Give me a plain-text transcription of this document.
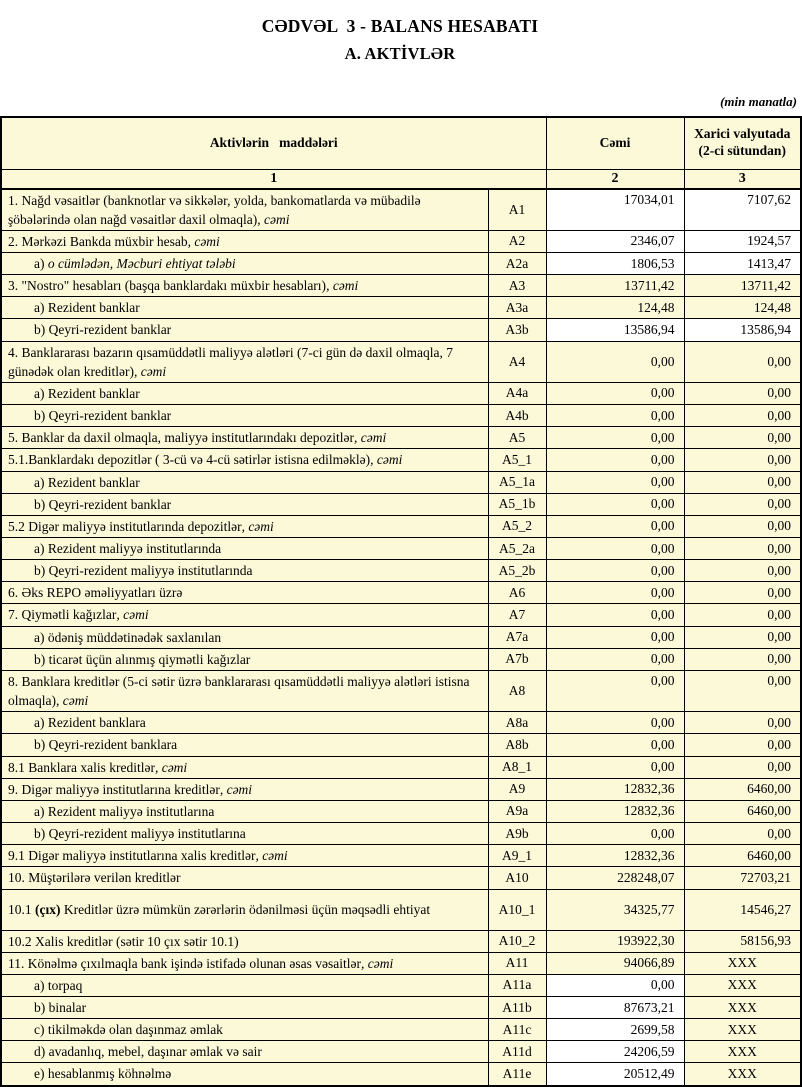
CƏDVƏL  3 - BALANS HESABATI
A. AKTİVLƏR
(min manatla)
Aktivlərin   maddələri		Cəmi	Xarici valyutada (2-ci sütundan)
1		2	3
1. Nağd vəsaitlər (banknotlar və sikkələr, yolda, bankomatlarda və mübadilə şöbələrində olan nağd vəsaitlər daxil olmaqla), cəmi	A1	17034,01	7107,62
2. Mərkəzi Bankda müxbir hesab, cəmi	A2	2346,07	1924,57
a) o cümlədən, Məcburi ehtiyat tələbi	A2a	1806,53	1413,47
3. "Nostro" hesabları (başqa banklardakı müxbir hesabları), cəmi	A3	13711,42	13711,42
a) Rezident banklar	A3a	124,48	124,48
b) Qeyri-rezident banklar	A3b	13586,94	13586,94
4. Banklararası bazarın qısamüddətli maliyyə alətləri (7-ci gün də daxil olmaqla, 7 günədək olan kreditlər), cəmi	A4	0,00	0,00
a) Rezident banklar	A4a	0,00	0,00
b) Qeyri-rezident banklar	A4b	0,00	0,00
5. Banklar da daxil olmaqla, maliyyə institutlarındakı depozitlər, cəmi	A5	0,00	0,00
5.1.Banklardakı depozitlər ( 3-cü və 4-cü sətirlər istisna edilməklə), cəmi	A5_1	0,00	0,00
a) Rezident banklar	A5_1a	0,00	0,00
b) Qeyri-rezident banklar	A5_1b	0,00	0,00
5.2 Digər maliyyə institutlarında depozitlər, cəmi	A5_2	0,00	0,00
a) Rezident maliyyə institutlarında	A5_2a	0,00	0,00
b) Qeyri-rezident maliyyə institutlarında	A5_2b	0,00	0,00
6. Əks REPO əməliyyatları üzrə	A6	0,00	0,00
7. Qiymətli kağızlar, cəmi	A7	0,00	0,00
a) ödəniş müddətinədək saxlanılan	A7a	0,00	0,00
b) ticarət üçün alınmış qiymətli kağızlar	A7b	0,00	0,00
8. Banklara kreditlər (5-ci sətir üzrə banklararası qısamüddətli maliyyə alətləri istisna olmaqla), cəmi	A8	0,00	0,00
a) Rezident banklara	A8a	0,00	0,00
b) Qeyri-rezident banklara	A8b	0,00	0,00
8.1 Banklara xalis kreditlər, cəmi	A8_1	0,00	0,00
9. Digər maliyyə institutlarına kreditlər, cəmi	A9	12832,36	6460,00
a) Rezident maliyyə institutlarına	A9a	12832,36	6460,00
b) Qeyri-rezident maliyyə institutlarına	A9b	0,00	0,00
9.1 Digər maliyyə institutlarına xalis kreditlər, cəmi	A9_1	12832,36	6460,00
10. Müştərilərə verilən kreditlər	A10	228248,07	72703,21
10.1 (çıx) Kreditlər üzrə mümkün zərərlərin ödənilməsi üçün məqsədli ehtiyat	A10_1	34325,77	14546,27
10.2 Xalis kreditlər (sətir 10 çıx sətir 10.1)	A10_2	193922,30	58156,93
11. Könəlmə çıxılmaqla bank işində istifadə olunan əsas vəsaitlər, cəmi	A11	94066,89	XXX
a) torpaq	A11a	0,00	XXX
b) binalar	A11b	87673,21	XXX
c) tikilməkdə olan daşınmaz əmlak	A11c	2699,58	XXX
d) avadanlıq, mebel, daşınar əmlak və sair	A11d	24206,59	XXX
e) hesablanmış köhnəlmə	A11e	20512,49	XXX
